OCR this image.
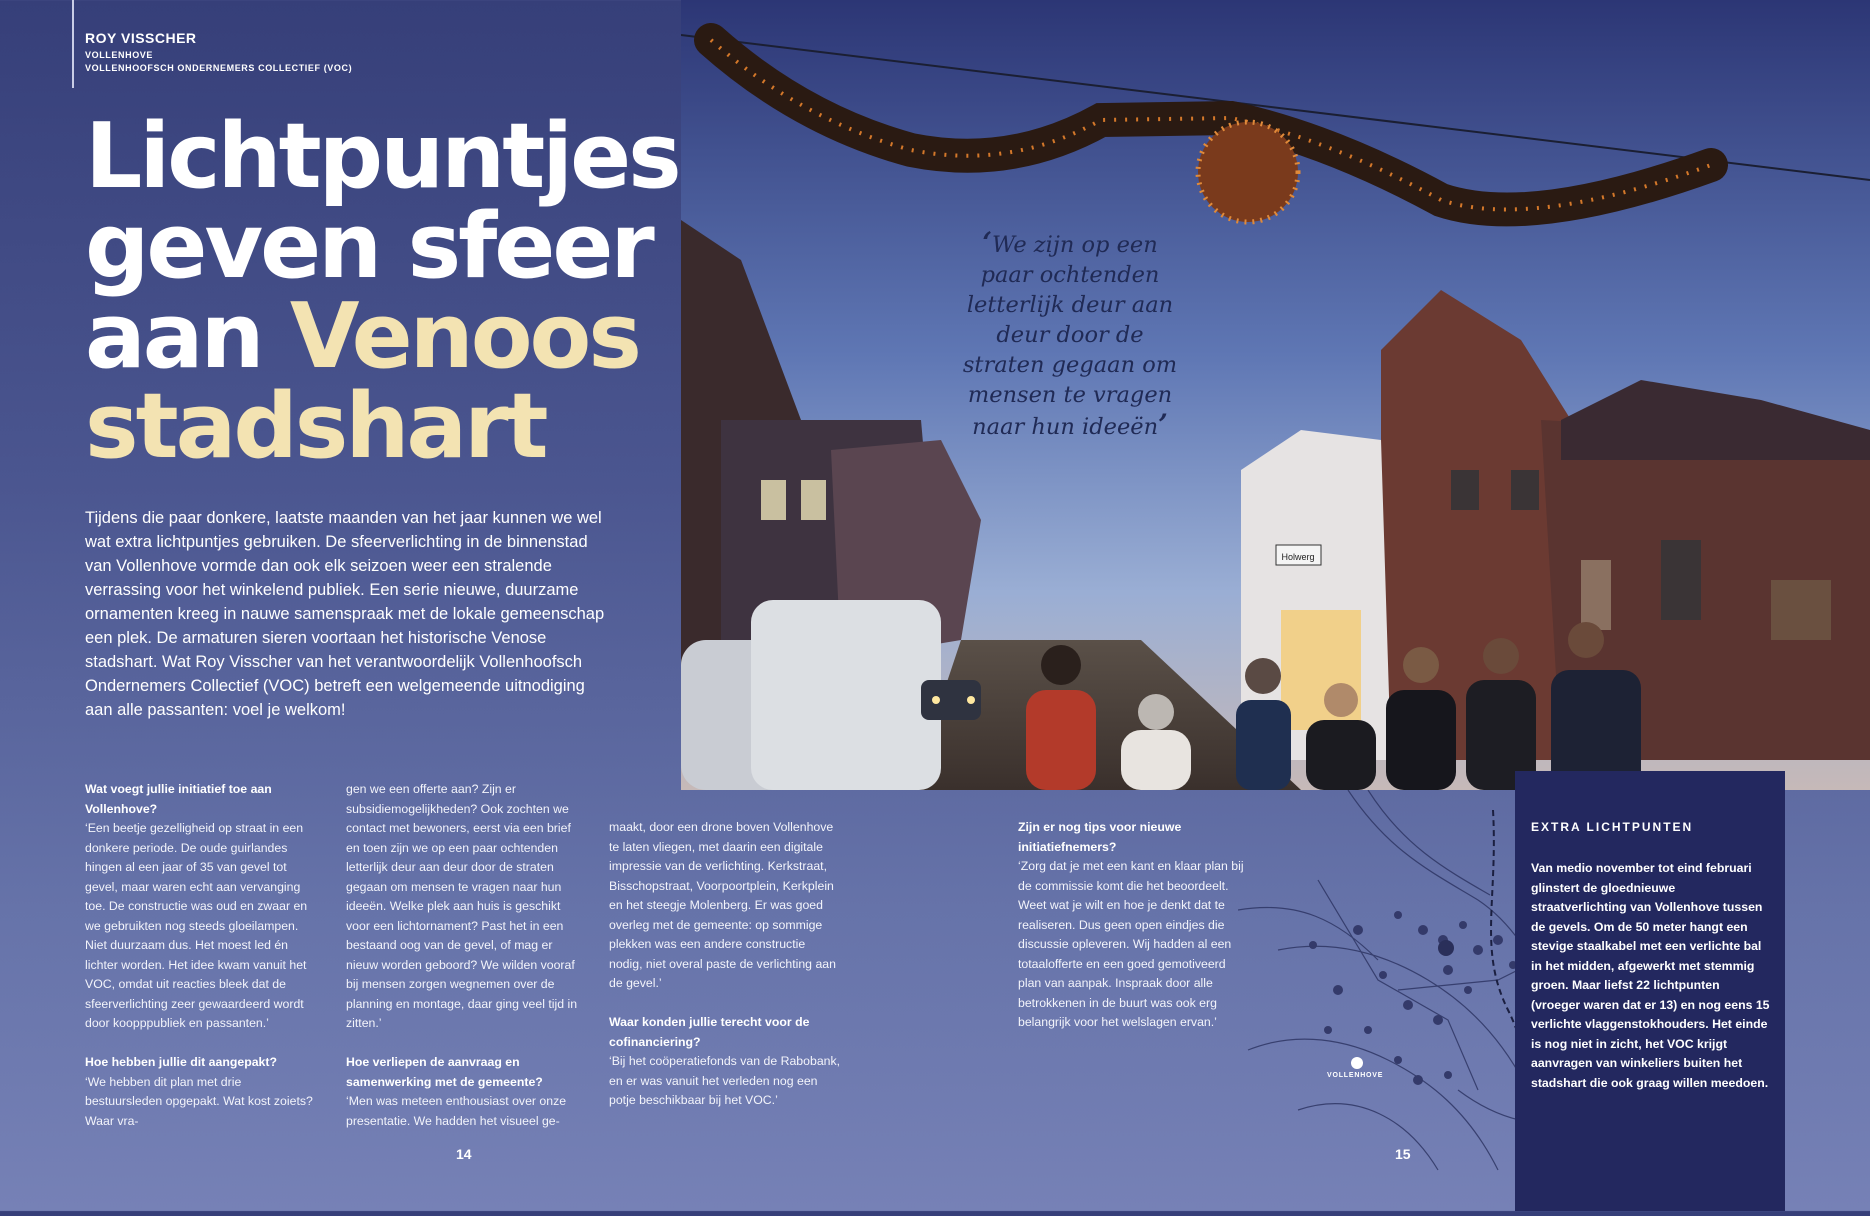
ROY VISSCHER
VOLLENHOVE
VOLLENHOOFSCH ONDERNEMERS COLLECTIEF (VOC)
Lichtpuntjes
geven sfeer
aan Venoos
stadshart
Tijdens die paar donkere, laatste maanden van het jaar kunnen we wel wat extra lichtpuntjes gebruiken. De sfeerverlichting in de binnenstad van Vollenhove vormde dan ook elk seizoen weer een stralende verrassing voor het winkelend publiek. Een serie nieuwe, duurzame ornamenten kreeg in nauwe samenspraak met de lokale gemeenschap een plek. De armaturen sieren voortaan het historische Venose stadshart. Wat Roy Visscher van het verantwoordelijk Vollenhoofsch Ondernemers Collectief (VOC) betreft een welgemeende uitnodiging aan alle passanten: voel je welkom!
Holwerg
‘We zijn op een paar ochtenden letterlijk deur aan deur door de straten gegaan om mensen te vragen naar hun ideeën’
Wat voegt jullie initiatief toe aan Vollenhove?

‘Een beetje gezelligheid op straat in een donkere periode. De oude guirlandes hingen al een jaar of 35 van gevel tot gevel, maar waren echt aan vervanging toe. De constructie was oud en zwaar en we gebruikten nog steeds gloeilampen. Niet duurzaam dus. Het moest led én lichter worden. Het idee kwam vanuit het VOC, omdat uit reacties bleek dat de sfeerverlichting zeer gewaardeerd wordt door koopppubliek en passanten.’

Hoe hebben jullie dit aangepakt?

‘We hebben dit plan met drie bestuursleden opgepakt. Wat kost zoiets? Waar vra-

gen we een offerte aan? Zijn er subsidiemogelijkheden? Ook zochten we contact met bewoners, eerst via een brief en toen zijn we op een paar ochtenden letterlijk deur aan deur door de straten gegaan om mensen te vragen naar hun ideeën. Welke plek aan huis is geschikt voor een lichtornament? Past het in een bestaand oog van de gevel, of mag er nieuw worden geboord? We wilden vooraf bij mensen zorgen wegnemen over de planning en montage, daar ging veel tijd in zitten.’

Hoe verliepen de aanvraag en samenwerking met de gemeente?

‘Men was meteen enthousiast over onze presentatie. We hadden het visueel ge-

maakt, door een drone boven Vollenhove te laten vliegen, met daarin een digitale impressie van de verlichting. Kerkstraat, Bisschopstraat, Voorpoortplein, Kerkplein en het steegje Molenberg. Er was goed overleg met de gemeente: op sommige plekken was een andere constructie nodig, niet overal paste de verlichting aan de gevel.’

Waar konden jullie terecht voor de cofinanciering?

‘Bij het coöperatiefonds van de Rabobank, en er was vanuit het verleden nog een potje beschikbaar bij het VOC.’

Zijn er nog tips voor nieuwe initiatiefnemers?

‘Zorg dat je met een kant en klaar plan bij de commissie komt die het beoordeelt. Weet wat je wilt en hoe je denkt dat te realiseren. Dus geen open eindjes die discussie opleveren. Wij hadden al een totaalofferte en een goed gemotiveerd plan van aanpak. Inspraak door alle betrokkenen in de buurt was ook erg belangrijk voor het welslagen ervan.’

14	15
VOLLENHOVE
EXTRA LICHTPUNTEN
Van medio november tot eind februari glinstert de gloednieuwe straatverlichting van Vollenhove tussen de gevels. Om de 50 meter hangt een stevige staalkabel met een verlichte bal in het midden, afgewerkt met stemmig groen. Maar liefst 22 lichtpunten (vroeger waren dat er 13) en nog eens 15 verlichte vlaggenstokhouders. Het einde is nog niet in zicht, het VOC krijgt aanvragen van winkeliers buiten het stadshart die ook graag willen meedoen.
